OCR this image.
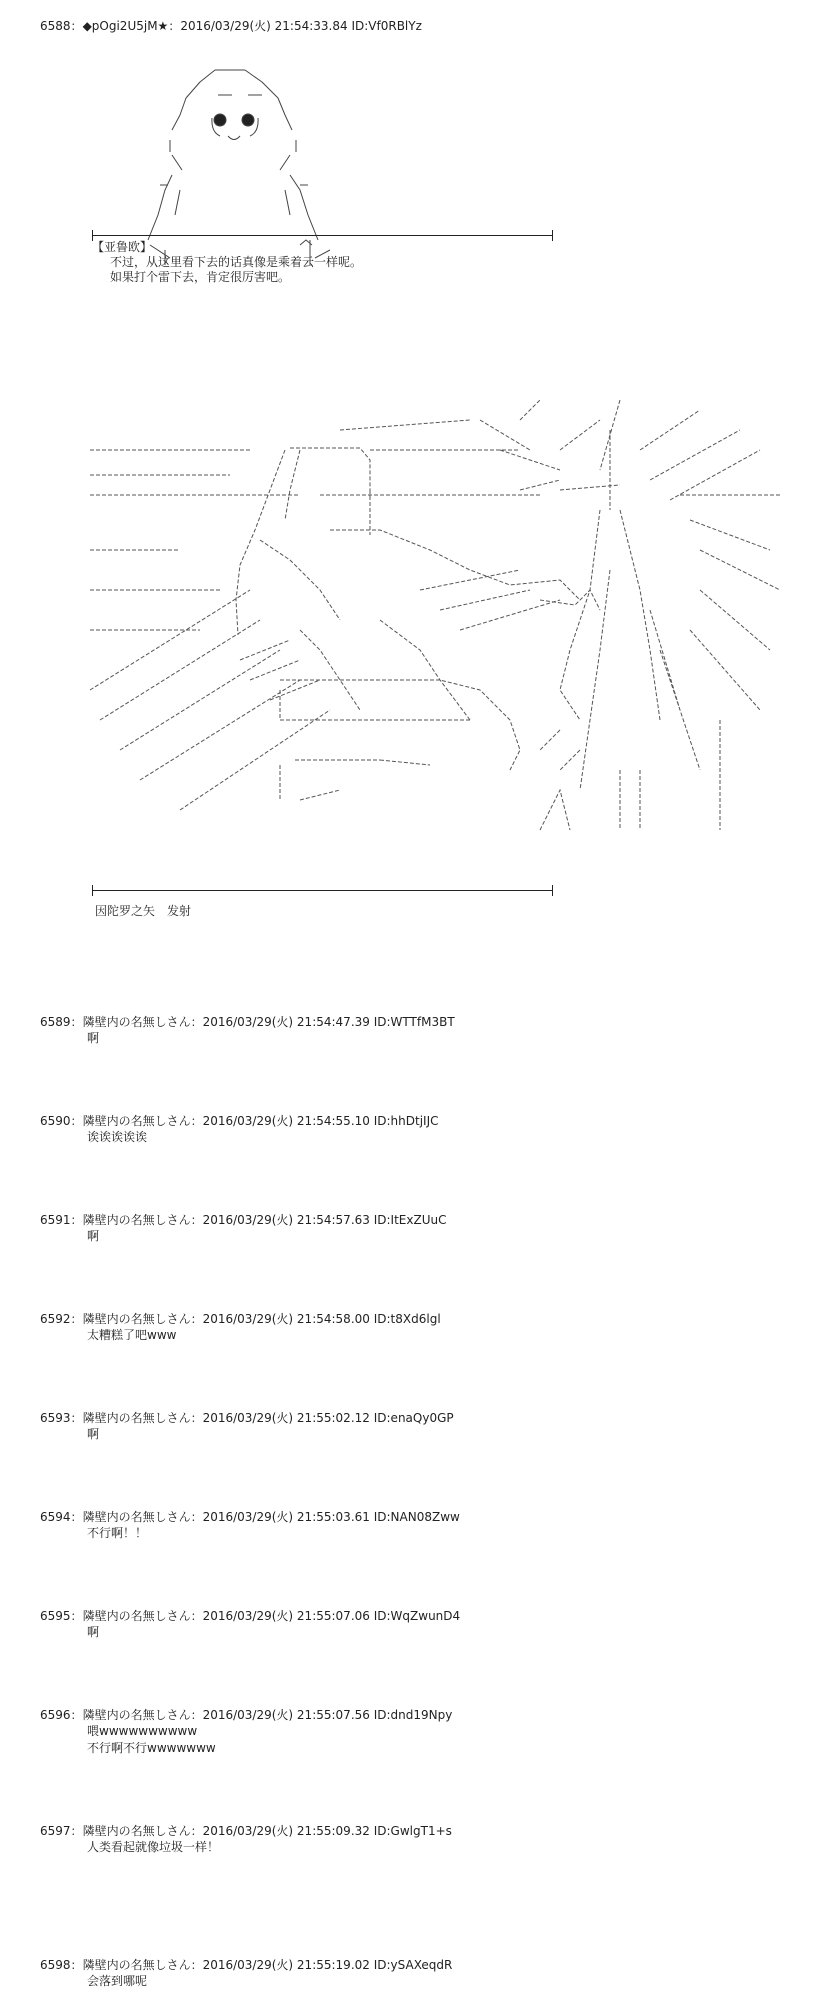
6588：◆pOgi2U5jM★：2016/03/29(火) 21:54:33.84 ID:Vf0RBlYz
【亚鲁欧】
不过，从这里看下去的话真像是乘着云一样呢。
如果打个雷下去，肯定很厉害吧。
因陀罗之矢　发射
6589：隣壁内の名無しさん：2016/03/29(火) 21:54:47.39 ID:WTTfM3BT
啊
6590：隣壁内の名無しさん：2016/03/29(火) 21:54:55.10 ID:hhDtjIJC
诶诶诶诶诶
6591：隣壁内の名無しさん：2016/03/29(火) 21:54:57.63 ID:ItExZUuC
啊
6592：隣壁内の名無しさん：2016/03/29(火) 21:54:58.00 ID:t8Xd6lgl
太糟糕了吧www
6593：隣壁内の名無しさん：2016/03/29(火) 21:55:02.12 ID:enaQy0GP
啊
6594：隣壁内の名無しさん：2016/03/29(火) 21:55:03.61 ID:NAN08Zww
不行啊！！
6595：隣壁内の名無しさん：2016/03/29(火) 21:55:07.06 ID:WqZwunD4
啊
6596：隣壁内の名無しさん：2016/03/29(火) 21:55:07.56 ID:dnd19Npy
喂wwwwwwwwww
不行啊不行wwwwwww
6597：隣壁内の名無しさん：2016/03/29(火) 21:55:09.32 ID:GwlgT1+s
人类看起就像垃圾一样！
6598：隣壁内の名無しさん：2016/03/29(火) 21:55:19.02 ID:ySAXeqdR
会落到哪呢
